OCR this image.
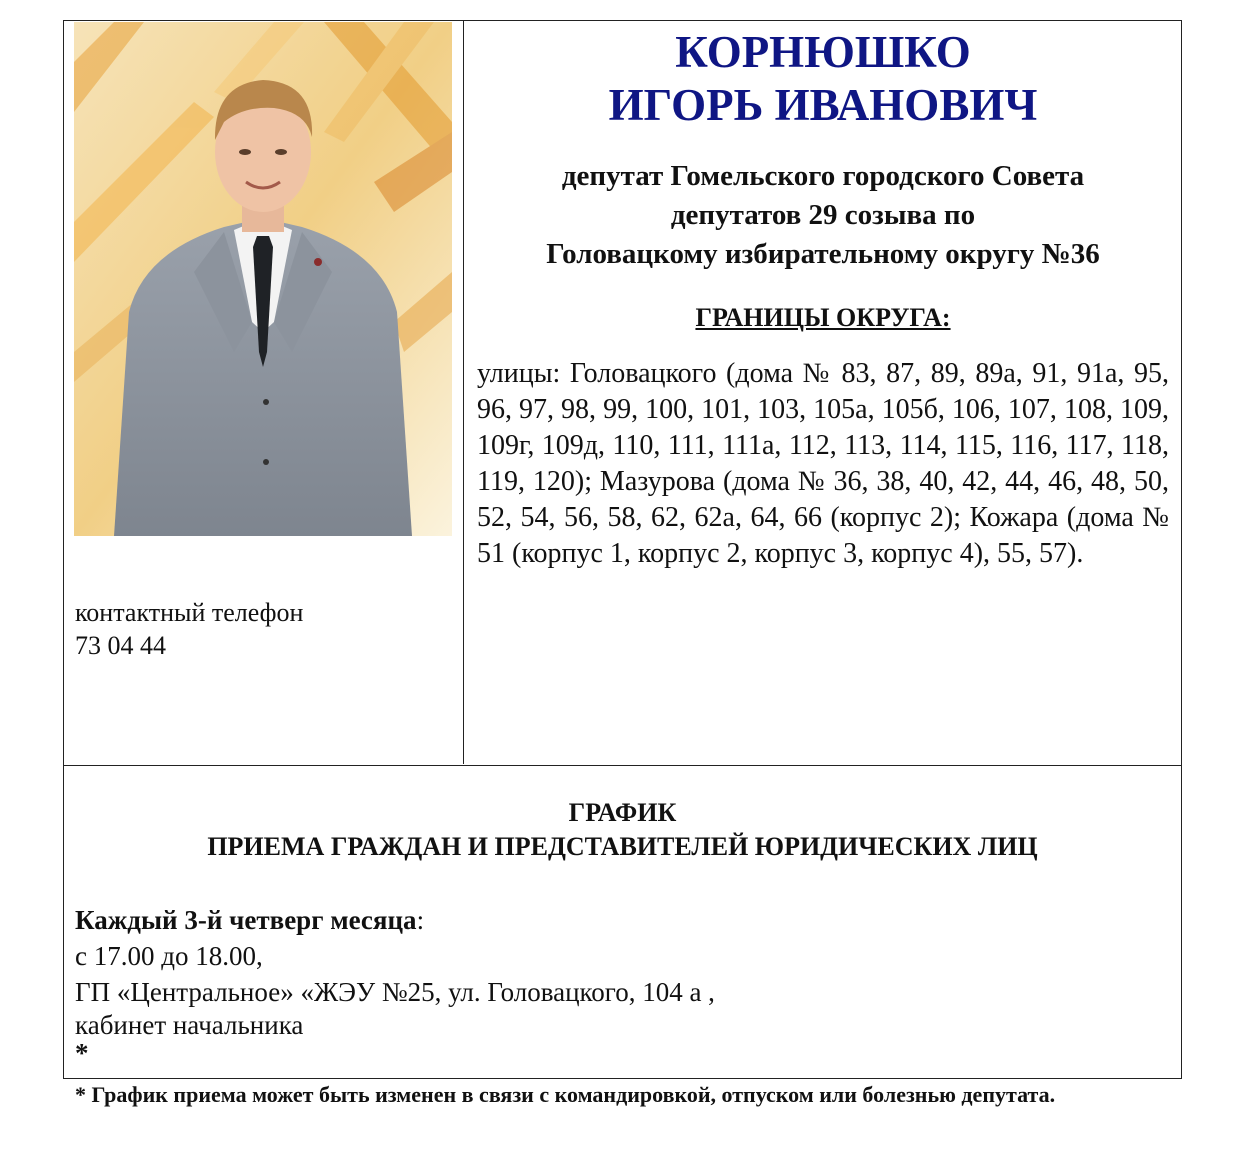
контактный телефон
73 04 44
КОРНЮШКО
ИГОРЬ ИВАНОВИЧ
депутат Гомельского городского Совета
депутатов 29 созыва по
Головацкому избирательному округу №36
ГРАНИЦЫ ОКРУГА:
улицы: Головацкого (дома № 83, 87, 89, 89а, 91, 91а, 95, 96, 97, 98, 99, 100, 101, 103, 105а, 105б, 106, 107, 108, 109, 109г, 109д, 110, 111, 111а, 112, 113, 114, 115, 116, 117, 118, 119, 120); Мазурова (дома № 36, 38, 40, 42, 44, 46, 48, 50, 52, 54, 56, 58, 62, 62а, 64, 66 (корпус 2); Кожара (дома № 51 (корпус 1, корпус 2, корпус 3, корпус 4), 55, 57).
ГРАФИК
ПРИЕМА ГРАЖДАН И ПРЕДСТАВИТЕЛЕЙ ЮРИДИЧЕСКИХ ЛИЦ
Каждый 3-й четверг месяца:
с 17.00 до 18.00,
ГП «Центральное» «ЖЭУ №25, ул. Головацкого, 104 а ,
кабинет начальника
*
* График приема может быть изменен в связи с командировкой, отпуском или болезнью депутата.
